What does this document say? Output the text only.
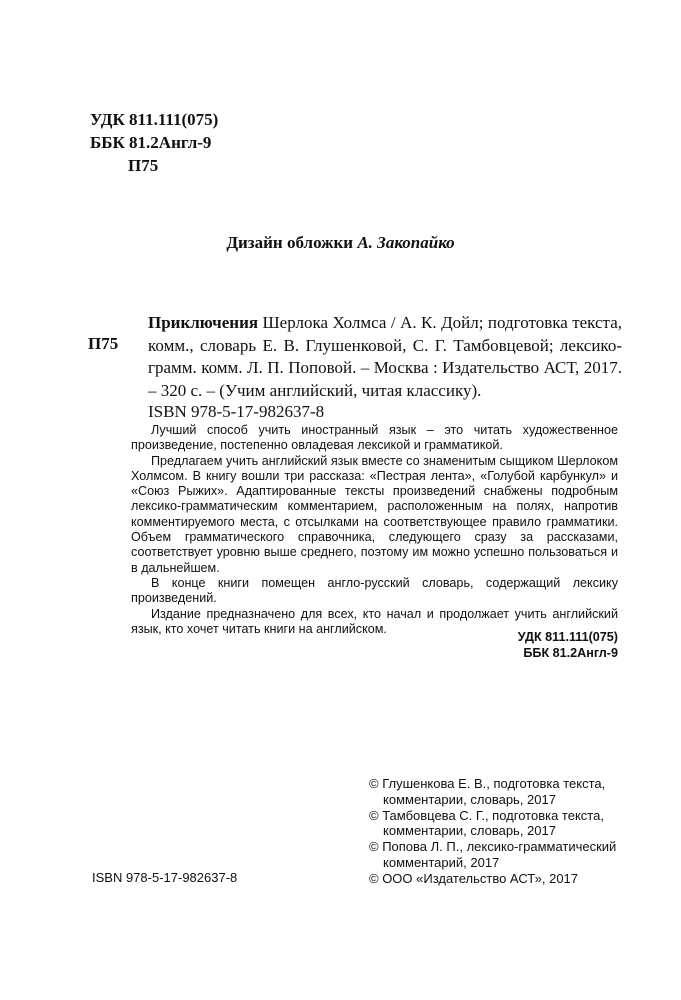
УДК 811.111(075)
ББК 81.2Англ-9
П75
Дизайн обложки А. Закопайко
П75
Приключения Шерлока Холмса / А. К. Дойл; подготовка текста, комм., словарь Е. В. Глушенковой, С. Г. Тамбовцевой; лексико-грамм. комм. Л. П. Поповой. – Москва : Издательство АСТ, 2017. – 320 с. – (Учим английский, читая классику).
ISBN 978-5-17-982637-8

Лучший способ учить иностранный язык – это читать художественное произведение, постепенно овладевая лексикой и грамматикой.

Предлагаем учить английский язык вместе со знаменитым сыщиком Шерлоком Холмсом. В книгу вошли три рассказа: «Пестрая лента», «Голубой карбункул» и «Союз Рыжих». Адаптированные тексты произведений снабжены подробным лексико-грамматическим комментарием, расположенным на полях, напротив комментируемого места, с отсылками на соответствующее правило грамматики. Объем грамматического справочника, следующего сразу за рассказами, соответствует уровню выше среднего, поэтому им можно успешно пользоваться и в дальнейшем.

В конце книги помещен англо-русский словарь, содержащий лексику произведений.

Издание предназначено для всех, кто начал и продолжает учить английский язык, кто хочет читать книги на английском.

УДК 811.111(075)
ББК 81.2Англ-9
© Глушенкова Е. В., подготовка текста, комментарии, словарь, 2017
© Тамбовцева С. Г., подготовка текста, комментарии, словарь, 2017
© Попова Л. П., лексико-грамматический комментарий, 2017
© ООО «Издательство АСТ», 2017
ISBN 978-5-17-982637-8
